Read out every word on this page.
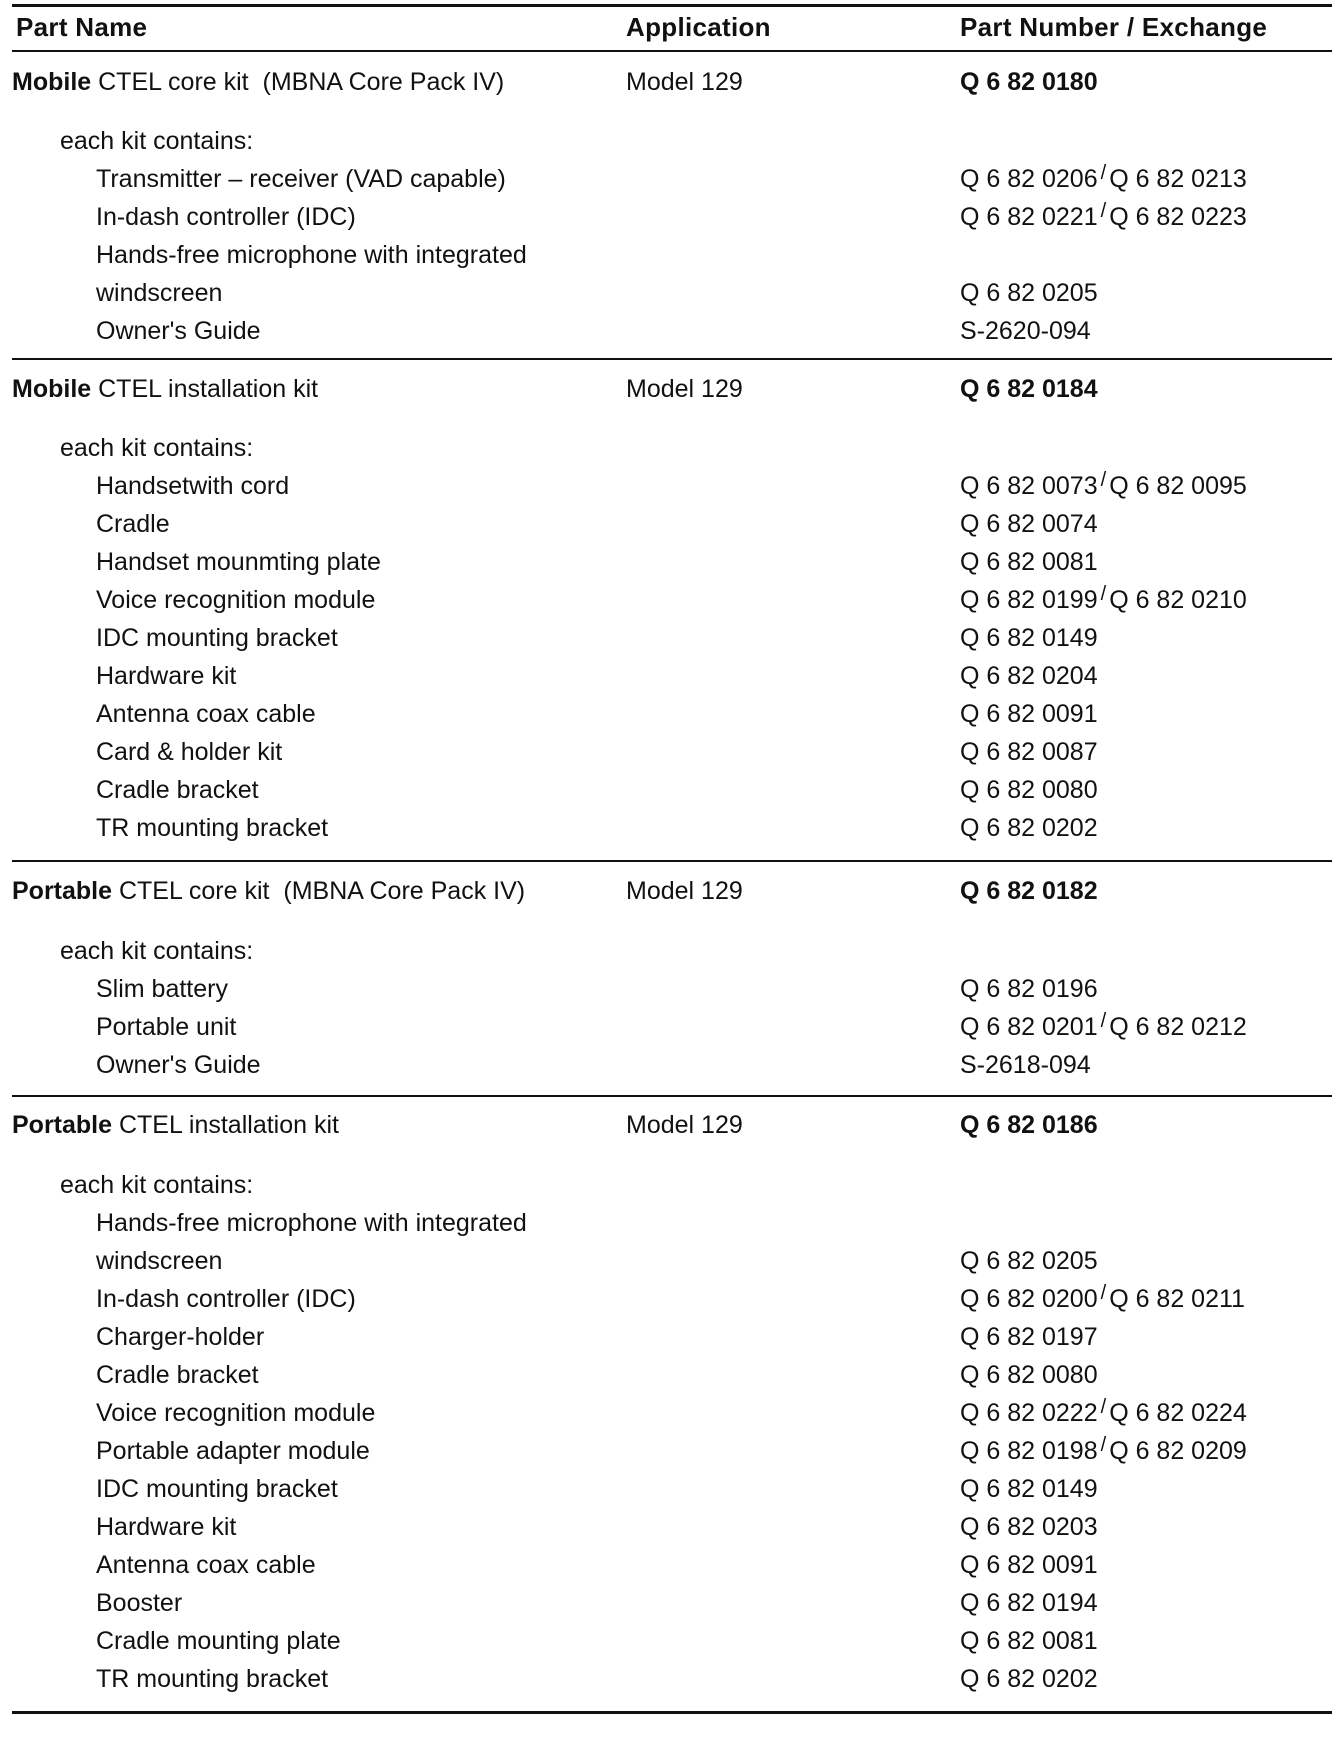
Part Name	Application	Part Number / Exchange
Mobile CTEL core kit  (MBNA Core Pack IV)	Model 129	Q 6 82 0180
each kit contains:
Transmitter – receiver (VAD capable)	Q 6 82 0206 / Q 6 82 0213
In-dash controller (IDC)	Q 6 82 0221 / Q 6 82 0223
Hands-free microphone with integrated
windscreen	Q 6 82 0205
Owner's Guide	S-2620-094
Mobile CTEL installation kit	Model 129	Q 6 82 0184
each kit contains:
Handsetwith cord	Q 6 82 0073 / Q 6 82 0095
Cradle	Q 6 82 0074
Handset mounmting plate	Q 6 82 0081
Voice recognition module	Q 6 82 0199 / Q 6 82 0210
IDC mounting bracket	Q 6 82 0149
Hardware kit	Q 6 82 0204
Antenna coax cable	Q 6 82 0091
Card & holder kit	Q 6 82 0087
Cradle bracket	Q 6 82 0080
TR mounting bracket	Q 6 82 0202
Portable CTEL core kit  (MBNA Core Pack IV)	Model 129	Q 6 82 0182
each kit contains:
Slim battery	Q 6 82 0196
Portable unit	Q 6 82 0201 / Q 6 82 0212
Owner's Guide	S-2618-094
Portable CTEL installation kit	Model 129	Q 6 82 0186
each kit contains:
Hands-free microphone with integrated
windscreen	Q 6 82 0205
In-dash controller (IDC)	Q 6 82 0200 / Q 6 82 0211
Charger-holder	Q 6 82 0197
Cradle bracket	Q 6 82 0080
Voice recognition module	Q 6 82 0222 / Q 6 82 0224
Portable adapter module	Q 6 82 0198 / Q 6 82 0209
IDC mounting bracket	Q 6 82 0149
Hardware kit	Q 6 82 0203
Antenna coax cable	Q 6 82 0091
Booster	Q 6 82 0194
Cradle mounting plate	Q 6 82 0081
TR mounting bracket	Q 6 82 0202
